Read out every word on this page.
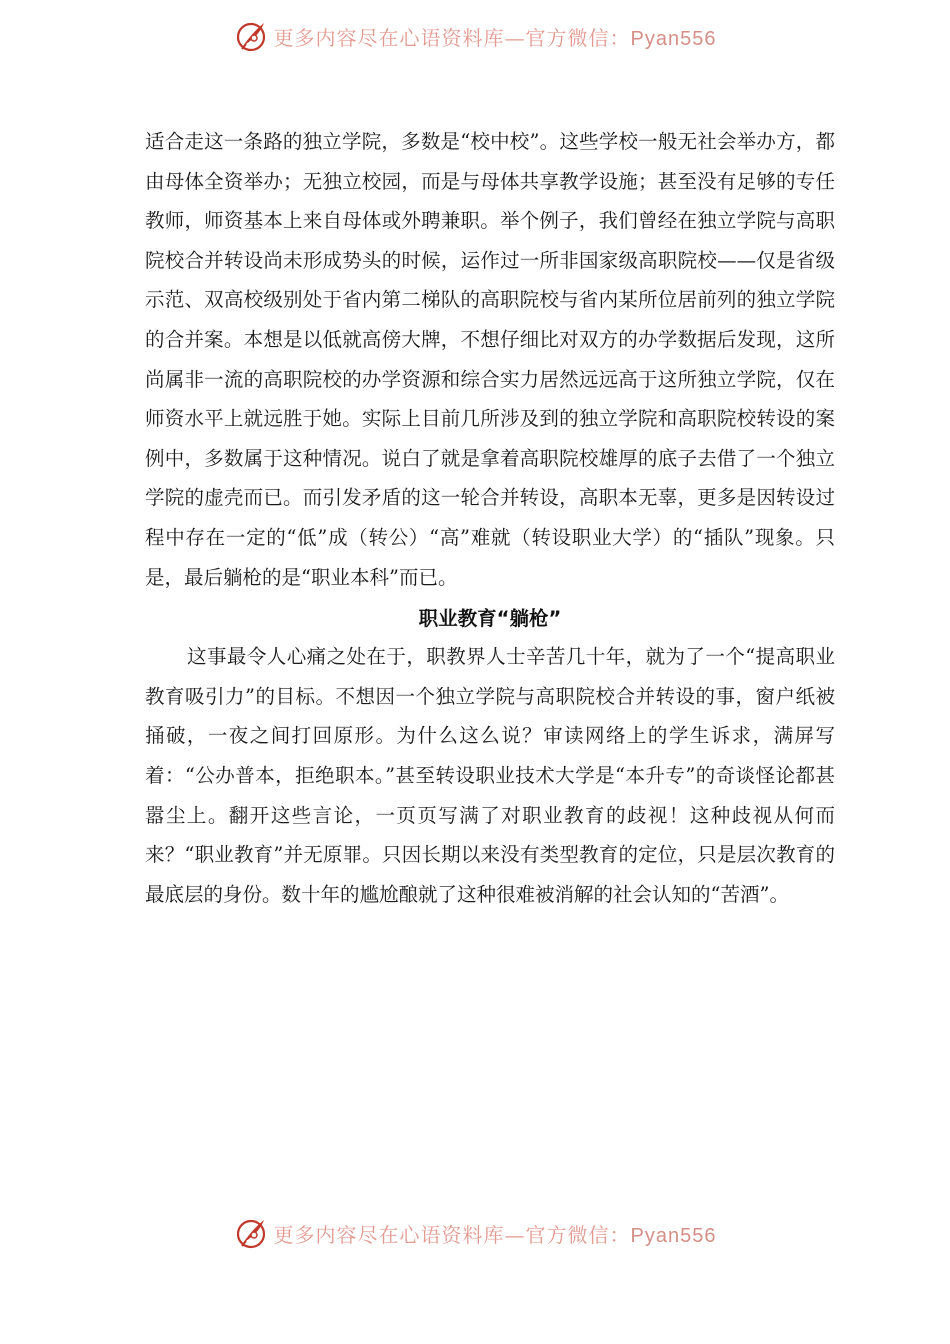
更多内容尽在心语资料库—官方微信：Pyan556

适合走这一条路的独立学院，多数是“校中校”。这些学校一般无社会举办方，都由母体全资举办；无独立校园，而是与母体共享教学设施；甚至没有足够的专任教师，师资基本上来自母体或外聘兼职。举个例子，我们曾经在独立学院与高职院校合并转设尚未形成势头的时候，运作过一所非国家级高职院校——仅是省级示范、双高校级别处于省内第二梯队的高职院校与省内某所位居前列的独立学院的合并案。本想是以低就高傍大牌，不想仔细比对双方的办学数据后发现，这所尚属非一流的高职院校的办学资源和综合实力居然远远高于这所独立学院，仅在师资水平上就远胜于她。实际上目前几所涉及到的独立学院和高职院校转设的案例中，多数属于这种情况。说白了就是拿着高职院校雄厚的底子去借了一个独立学院的虚壳而已。而引发矛盾的这一轮合并转设，高职本无辜，更多是因转设过程中存在一定的“低”成（转公）“高”难就（转设职业大学）的“插队”现象。只是，最后躺枪的是“职业本科”而已。

职业教育“躺枪”

这事最令人心痛之处在于，职教界人士辛苦几十年，就为了一个“提高职业教育吸引力”的目标。不想因一个独立学院与高职院校合并转设的事，窗户纸被捅破，一夜之间打回原形。为什么这么说？审读网络上的学生诉求，满屏写着：“公办普本，拒绝职本。”甚至转设职业技术大学是“本升专”的奇谈怪论都甚嚣尘上。翻开这些言论，一页页写满了对职业教育的歧视！这种歧视从何而来？“职业教育”并无原罪。只因长期以来没有类型教育的定位，只是层次教育的最底层的身份。数十年的尴尬酿就了这种很难被消解的社会认知的“苦酒”。

更多内容尽在心语资料库—官方微信：Pyan556
